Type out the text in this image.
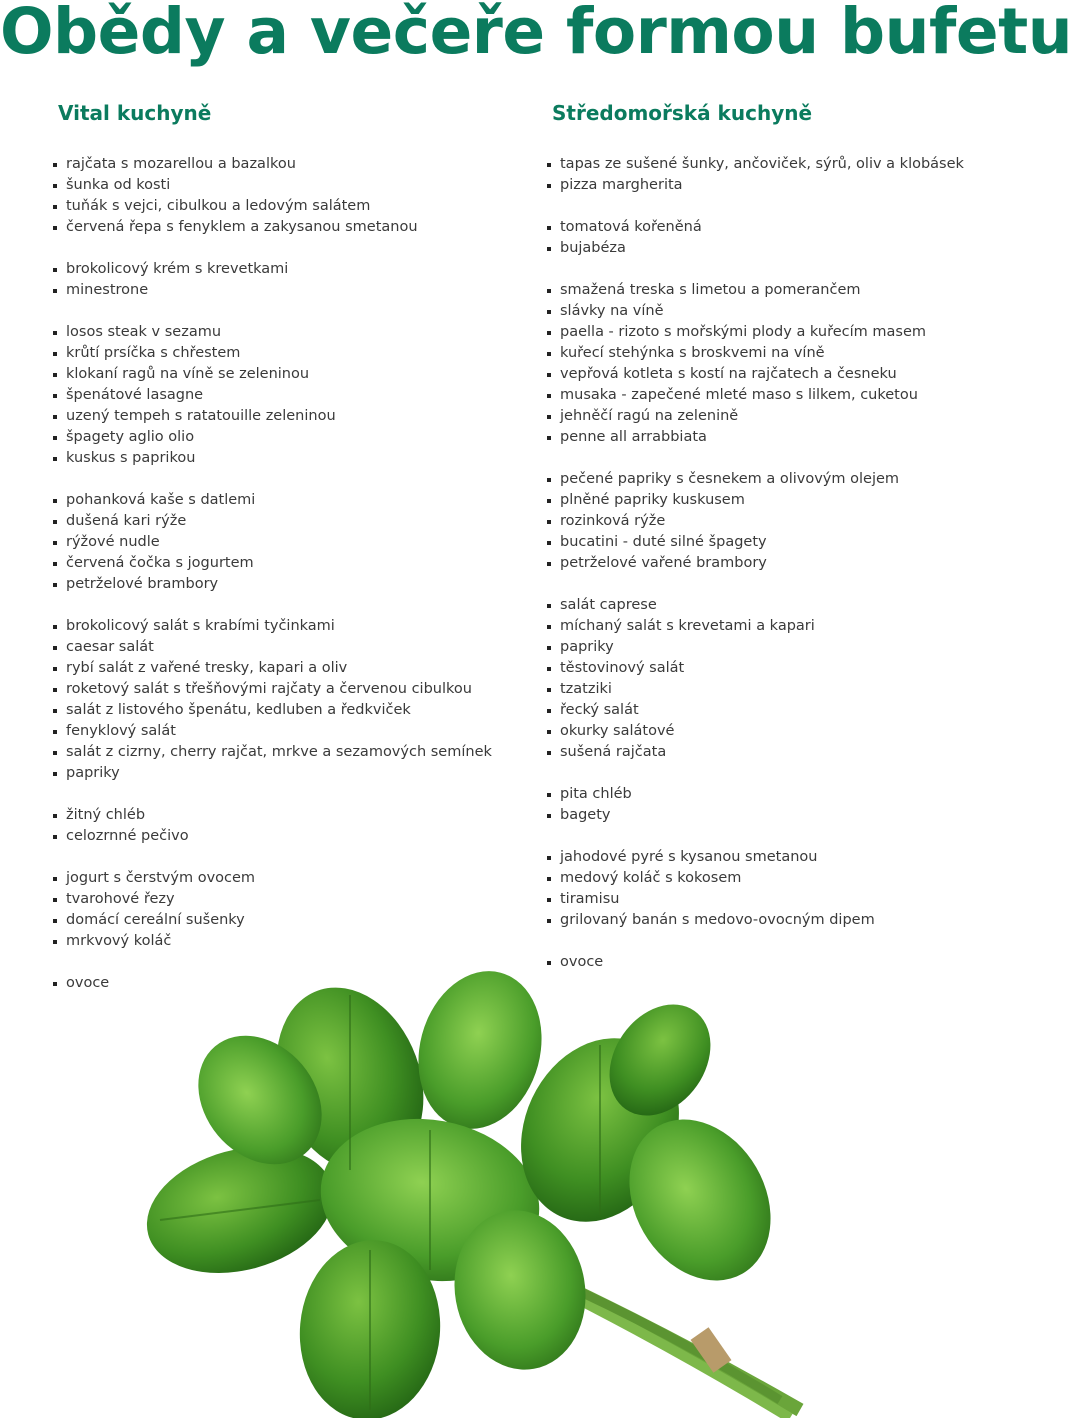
Obědy a večeře formou bufetu
Vital kuchyně
rajčata s mozarellou a bazalkou
šunka od kosti
tuňák s vejci, cibulkou a ledovým salátem
červená řepa s fenyklem a zakysanou smetanou
brokolicový krém s krevetkami
minestrone
losos steak v sezamu
krůtí prsíčka s chřestem
klokaní ragů na víně se zeleninou
špenátové lasagne
uzený tempeh s ratatouille zeleninou
špagety aglio olio
kuskus s paprikou
pohanková kaše s datlemi
dušená kari rýže
rýžové nudle
červená čočka s jogurtem
petrželové brambory
brokolicový salát s krabími tyčinkami
caesar salát
rybí salát z vařené tresky, kapari a oliv
roketový salát s třešňovými rajčaty a červenou cibulkou
salát z listového špenátu, kedluben a ředkviček
fenyklový salát
salát z cizrny, cherry rajčat, mrkve a sezamových semínek
papriky
žitný chléb
celozrnné pečivo
jogurt s čerstvým ovocem
tvarohové řezy
domácí cereální sušenky
mrkvový koláč
ovoce
Středomořská kuchyně
tapas ze sušené šunky, ančoviček, sýrů, oliv a klobásek
pizza margherita
tomatová kořeněná
bujabéza
smažená treska s limetou a pomerančem
slávky na víně
paella - rizoto s mořskými plody a kuřecím masem
kuřecí stehýnka s broskvemi na víně
vepřová kotleta s kostí na rajčatech a česneku
musaka - zapečené mleté maso s lilkem, cuketou
jehněčí ragú na zelenině
penne all arrabbiata
pečené papriky s česnekem a olivovým olejem
plněné papriky kuskusem
rozinková rýže
bucatini - duté silné špagety
petrželové vařené brambory
salát caprese
míchaný salát s krevetami a kapari
papriky
těstovinový salát
tzatziki
řecký salát
okurky salátové
sušená rajčata
pita chléb
bagety
jahodové pyré s kysanou smetanou
medový koláč s kokosem
tiramisu
grilovaný banán s medovo-ovocným dipem
ovoce
